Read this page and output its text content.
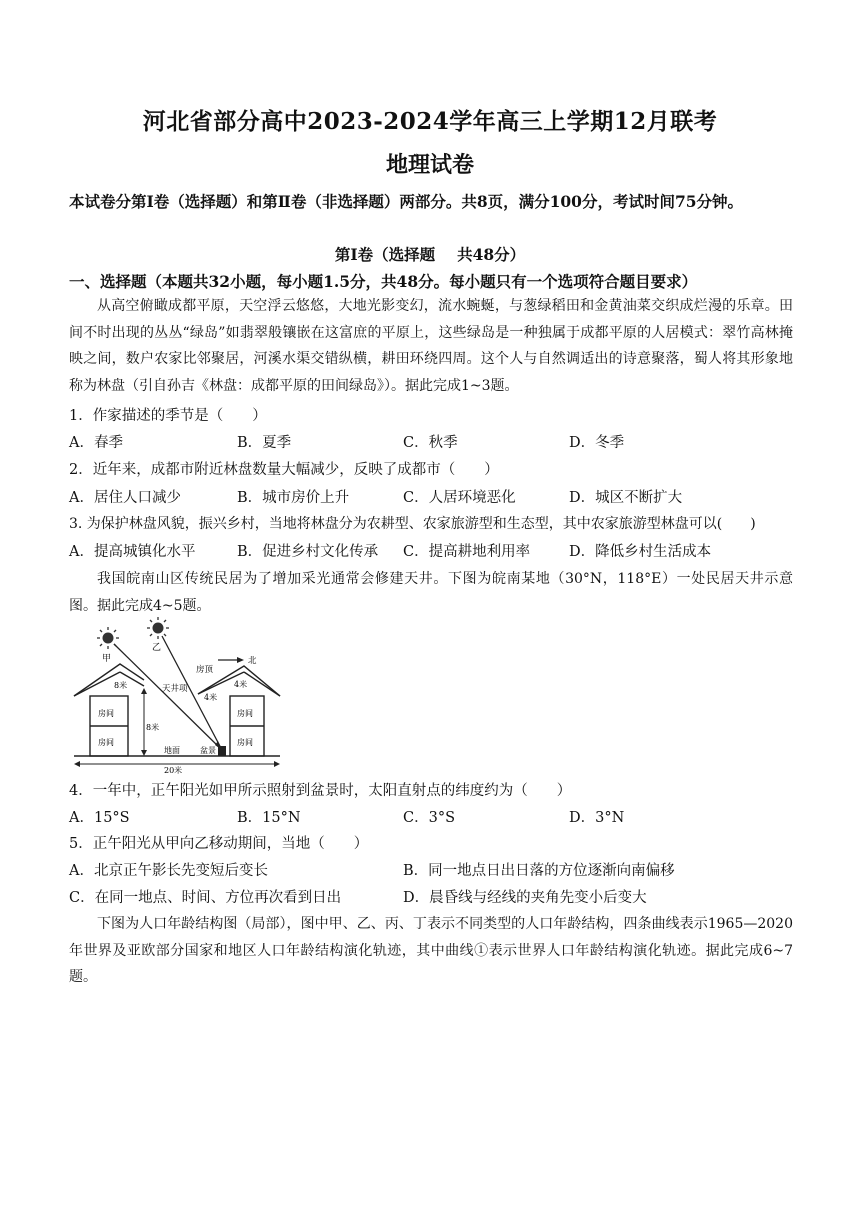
河北省部分高中2023-2024学年高三上学期12月联考
地理试卷
本试卷分第Ⅰ卷（选择题）和第Ⅱ卷（非选择题）两部分。共8页，满分100分，考试时间75分钟。
第Ⅰ卷（选择题 共48分）
一、选择题（本题共32小题，每小题1.5分，共48分。每小题只有一个选项符合题目要求）
从高空俯瞰成都平原，天空浮云悠悠，大地光影变幻，流水蜿蜒，与葱绿稻田和金黄油菜交织成烂漫的乐章。田间不时出现的丛丛“绿岛”如翡翠般镶嵌在这富庶的平原上，这些绿岛是一种独属于成都平原的人居模式：翠竹高林掩映之间，数户农家比邻聚居，河溪水渠交错纵横，耕田环绕四周。这个人与自然调适出的诗意聚落，蜀人将其形象地称为林盘（引自孙吉《林盘：成都平原的田间绿岛》）。据此完成1~3题。
1．作家描述的季节是（　　）
A．春季	B．夏季	C．秋季	D．冬季
2．近年来，成都市附近林盘数量大幅减少，反映了成都市（　　）
A．居住人口减少	B．城市房价上升	C．人居环境恶化	D．城区不断扩大
3. 为保护林盘风貌，振兴乡村，当地将林盘分为农耕型、农家旅游型和生态型，其中农家旅游型林盘可以(　　)
A．提高城镇化水平	B．促进乡村文化传承 C．提高耕地利用率	D．降低乡村生活成本
我国皖南山区传统民居为了增加采光通常会修建天井。下图为皖南某地（30°N，118°E）一处民居天井示意图。据此完成4~5题。
甲
乙
房顶
北
天井项
8米	4米
4米
8米
房间
房间
房间
房间
地面	盆景
20米
4．一年中，正午阳光如甲所示照射到盆景时，太阳直射点的纬度约为（　　）
A．15°S	B．15°N	C．3°S	D．3°N
5．正午阳光从甲向乙移动期间，当地（　　）
A．北京正午影长先变短后变长	B．同一地点日出日落的方位逐渐向南偏移
C．在同一地点、时间、方位再次看到日出	D．晨昏线与经线的夹角先变小后变大
下图为人口年龄结构图（局部），图中甲、乙、丙、丁表示不同类型的人口年龄结构，四条曲线表示1965—2020年世界及亚欧部分国家和地区人口年龄结构演化轨迹，其中曲线①表示世界人口年龄结构演化轨迹。据此完成6~7题。
